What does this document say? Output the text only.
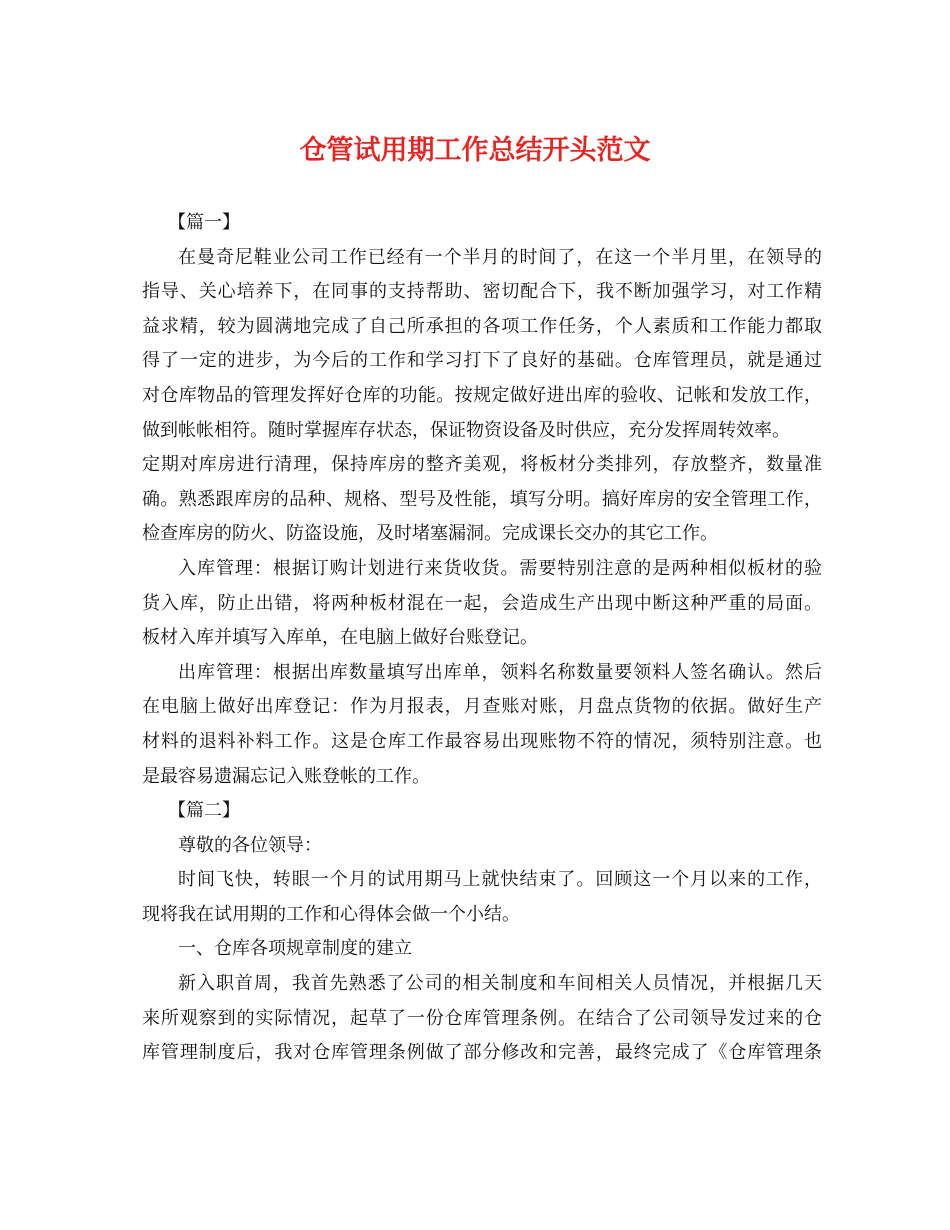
仓管试用期工作总结开头范文
【篇一】
在曼奇尼鞋业公司工作已经有一个半月的时间了，在这一个半月里，在领导的
指导、关心培养下，在同事的支持帮助、密切配合下，我不断加强学习，对工作精
益求精，较为圆满地完成了自己所承担的各项工作任务，个人素质和工作能力都取
得了一定的进步，为今后的工作和学习打下了良好的基础。仓库管理员，就是通过
对仓库物品的管理发挥好仓库的功能。按规定做好进出库的验收、记帐和发放工作，
做到帐帐相符。随时掌握库存状态，保证物资设备及时供应，充分发挥周转效率。
定期对库房进行清理，保持库房的整齐美观，将板材分类排列，存放整齐，数量准
确。熟悉跟库房的品种、规格、型号及性能，填写分明。搞好库房的安全管理工作，
检查库房的防火、防盗设施，及时堵塞漏洞。完成课长交办的其它工作。
入库管理：根据订购计划进行来货收货。需要特别注意的是两种相似板材的验
货入库，防止出错，将两种板材混在一起，会造成生产出现中断这种严重的局面。
板材入库并填写入库单，在电脑上做好台账登记。
出库管理：根据出库数量填写出库单，领料名称数量要领料人签名确认。然后
在电脑上做好出库登记：作为月报表，月查账对账，月盘点货物的依据。做好生产
材料的退料补料工作。这是仓库工作最容易出现账物不符的情况，须特别注意。也
是最容易遗漏忘记入账登帐的工作。
【篇二】
尊敬的各位领导：
时间飞快，转眼一个月的试用期马上就快结束了。回顾这一个月以来的工作，
现将我在试用期的工作和心得体会做一个小结。
一、仓库各项规章制度的建立
新入职首周，我首先熟悉了公司的相关制度和车间相关人员情况，并根据几天
来所观察到的实际情况，起草了一份仓库管理条例。在结合了公司领导发过来的仓
库管理制度后，我对仓库管理条例做了部分修改和完善，最终完成了《仓库管理条
